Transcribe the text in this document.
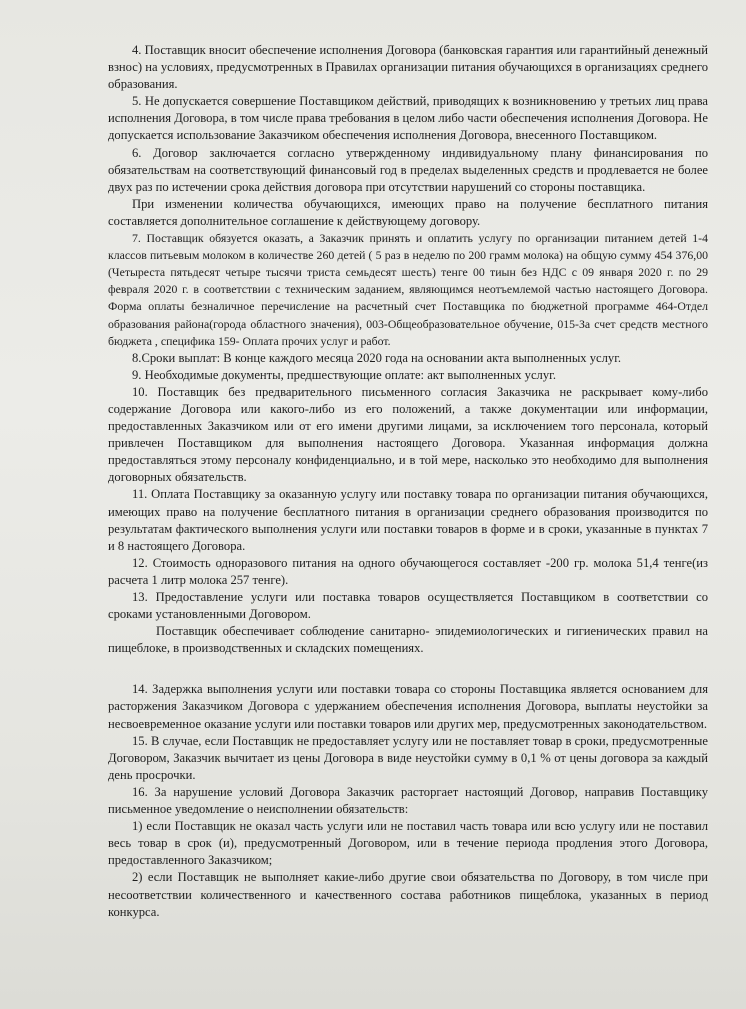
4. Поставщик вносит обеспечение исполнения Договора (банковская гарантия или гарантийный денежный взнос) на условиях, предусмотренных в Правилах организации питания обучающихся в организациях среднего образования.

5. Не допускается совершение Поставщиком действий, приводящих к возникновению у третьих лиц права исполнения Договора, в том числе права требования в целом либо части обеспечения исполнения Договора. Не допускается использование Заказчиком обеспечения исполнения Договора, внесенного Поставщиком.

6. Договор заключается согласно утвержденному индивидуальному плану финансирования по обязательствам на соответствующий финансовый год в пределах выделенных средств и продлевается не более двух раз по истечении срока действия договора при отсутствии нарушений со стороны поставщика.

При изменении количества обучающихся, имеющих право на получение бесплатного питания составляется дополнительное соглашение к действующему договору.

7. Поставщик обязуется оказать, а Заказчик принять и оплатить услугу по организации питанием детей 1-4 классов питьевым молоком в количестве 260 детей ( 5 раз в неделю по 200 грамм молока) на общую сумму 454 376,00 (Четыреста пятьдесят четыре тысячи триста семьдесят шесть) тенге 00 тиын без НДС с 09 января 2020 г. по 29 февраля 2020 г. в соответствии с техническим заданием, являющимся неотъемлемой частью настоящего Договора. Форма оплаты безналичное перечисление на расчетный счет Поставщика по бюджетной программе 464-Отдел образования района(города областного значения), 003-Общеобразовательное обучение, 015-За счет средств местного бюджета , специфика 159- Оплата прочих услуг и работ.

8.Сроки выплат: В конце каждого месяца 2020 года на основании акта выполненных услуг.

9. Необходимые документы, предшествующие оплате: акт выполненных услуг.

10. Поставщик без предварительного письменного согласия Заказчика не раскрывает кому-либо содержание Договора или какого-либо из его положений, а также документации или информации, предоставленных Заказчиком или от его имени другими лицами, за исключением того персонала, который привлечен Поставщиком для выполнения настоящего Договора. Указанная информация должна предоставляться этому персоналу конфиденциально, и в той мере, насколько это необходимо для выполнения договорных обязательств.

11. Оплата Поставщику за оказанную услугу или поставку товара по организации питания обучающихся, имеющих право на получение бесплатного питания в организации среднего образования производится по результатам фактического выполнения услуги или поставки товаров в форме и в сроки, указанные в пунктах 7 и 8 настоящего Договора.

12. Стоимость одноразового питания на одного обучающегося составляет -200 гр. молока 51,4 тенге(из расчета 1 литр молока 257 тенге).

13. Предоставление услуги или поставка товаров осуществляется Поставщиком в соответствии со сроками установленными Договором.

Поставщик обеспечивает соблюдение санитарно- эпидемиологических и гигиенических правил на пищеблоке, в производственных и складских помещениях.

14. Задержка выполнения услуги или поставки товара со стороны Поставщика является основанием для расторжения Заказчиком Договора с удержанием обеспечения исполнения Договора, выплаты неустойки за несвоевременное оказание услуги или поставки товаров или других мер, предусмотренных законодательством.

15. В случае, если Поставщик не предоставляет услугу или не поставляет товар в сроки, предусмотренные Договором, Заказчик вычитает из цены Договора в виде неустойки сумму в 0,1 % от цены договора за каждый день просрочки.

16. За нарушение условий Договора Заказчик расторгает настоящий Договор, направив Поставщику письменное уведомление о неисполнении обязательств:

1) если Поставщик не оказал часть услуги или не поставил часть товара или всю услугу или не поставил весь товар в срок (и), предусмотренный Договором, или в течение периода продления этого Договора, предоставленного Заказчиком;

2) если Поставщик не выполняет какие-либо другие свои обязательства по Договору, в том числе при несоответствии количественного и качественного состава работников пищеблока, указанных в период конкурса.
